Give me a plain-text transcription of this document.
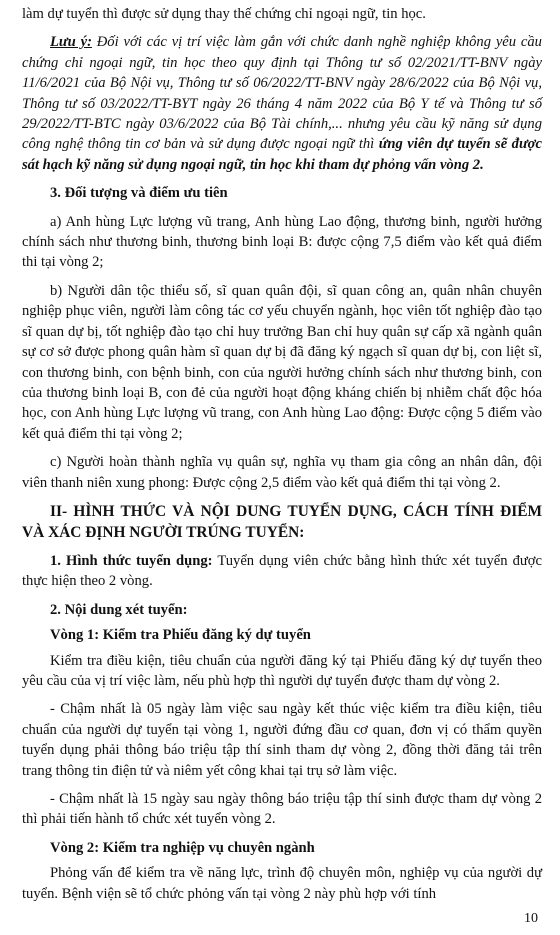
làm dự tuyển thì được sử dụng thay thế chứng chỉ ngoại ngữ, tin học.

Lưu ý: Đối với các vị trí việc làm gắn với chức danh nghề nghiệp không yêu cầu chứng chỉ ngoại ngữ, tin học theo quy định tại Thông tư số 02/2021/TT-BNV ngày 11/6/2021 của Bộ Nội vụ, Thông tư số 06/2022/TT-BNV ngày 28/6/2022 của Bộ Nội vụ, Thông tư số 03/2022/TT-BYT ngày 26 tháng 4 năm 2022 của Bộ Y tế và Thông tư số 29/2022/TT-BTC ngày 03/6/2022 của Bộ Tài chính,... nhưng yêu cầu kỹ năng sử dụng công nghệ thông tin cơ bản và sử dụng được ngoại ngữ thì ứng viên dự tuyển sẽ được sát hạch kỹ năng sử dụng ngoại ngữ, tin học khi tham dự phỏng vấn vòng 2.

3. Đối tượng và điểm ưu tiên

a) Anh hùng Lực lượng vũ trang, Anh hùng Lao động, thương binh, người hưởng chính sách như thương binh, thương binh loại B: được cộng 7,5 điểm vào kết quả điểm thi tại vòng 2;

b) Người dân tộc thiểu số, sĩ quan quân đội, sĩ quan công an, quân nhân chuyên nghiệp phục viên, người làm công tác cơ yếu chuyển ngành, học viên tốt nghiệp đào tạo sĩ quan dự bị, tốt nghiệp đào tạo chỉ huy trưởng Ban chỉ huy quân sự cấp xã ngành quân sự cơ sở được phong quân hàm sĩ quan dự bị đã đăng ký ngạch sĩ quan dự bị, con liệt sĩ, con thương binh, con bệnh binh, con của người hưởng chính sách như thương binh, con của thương binh loại B, con đẻ của người hoạt động kháng chiến bị nhiễm chất độc hóa học, con Anh hùng Lực lượng vũ trang, con Anh hùng Lao động: Được cộng 5 điểm vào kết quả điểm thi tại vòng 2;

c) Người hoàn thành nghĩa vụ quân sự, nghĩa vụ tham gia công an nhân dân, đội viên thanh niên xung phong: Được cộng 2,5 điểm vào kết quả điểm thi tại vòng 2.

II- HÌNH THỨC VÀ NỘI DUNG TUYỂN DỤNG, CÁCH TÍNH ĐIỂM VÀ XÁC ĐỊNH NGƯỜI TRÚNG TUYỂN:

1. Hình thức tuyển dụng: Tuyển dụng viên chức bằng hình thức xét tuyển được thực hiện theo 2 vòng.

2. Nội dung xét tuyển:

Vòng 1: Kiểm tra Phiếu đăng ký dự tuyển

Kiểm tra điều kiện, tiêu chuẩn của người đăng ký tại Phiếu đăng ký dự tuyển theo yêu cầu của vị trí việc làm, nếu phù hợp thì người dự tuyển được tham dự vòng 2.

- Chậm nhất là 05 ngày làm việc sau ngày kết thúc việc kiểm tra điều kiện, tiêu chuẩn của người dự tuyển tại vòng 1, người đứng đầu cơ quan, đơn vị có thẩm quyền tuyển dụng phải thông báo triệu tập thí sinh tham dự vòng 2, đồng thời đăng tải trên trang thông tin điện tử và niêm yết công khai tại trụ sở làm việc.

- Chậm nhất là 15 ngày sau ngày thông báo triệu tập thí sinh được tham dự vòng 2 thì phải tiến hành tổ chức xét tuyển vòng 2.

Vòng 2: Kiểm tra nghiệp vụ chuyên ngành

Phỏng vấn để kiểm tra về năng lực, trình độ chuyên môn, nghiệp vụ của người dự tuyển. Bệnh viện sẽ tổ chức phỏng vấn tại vòng 2 này phù hợp với tính

10
